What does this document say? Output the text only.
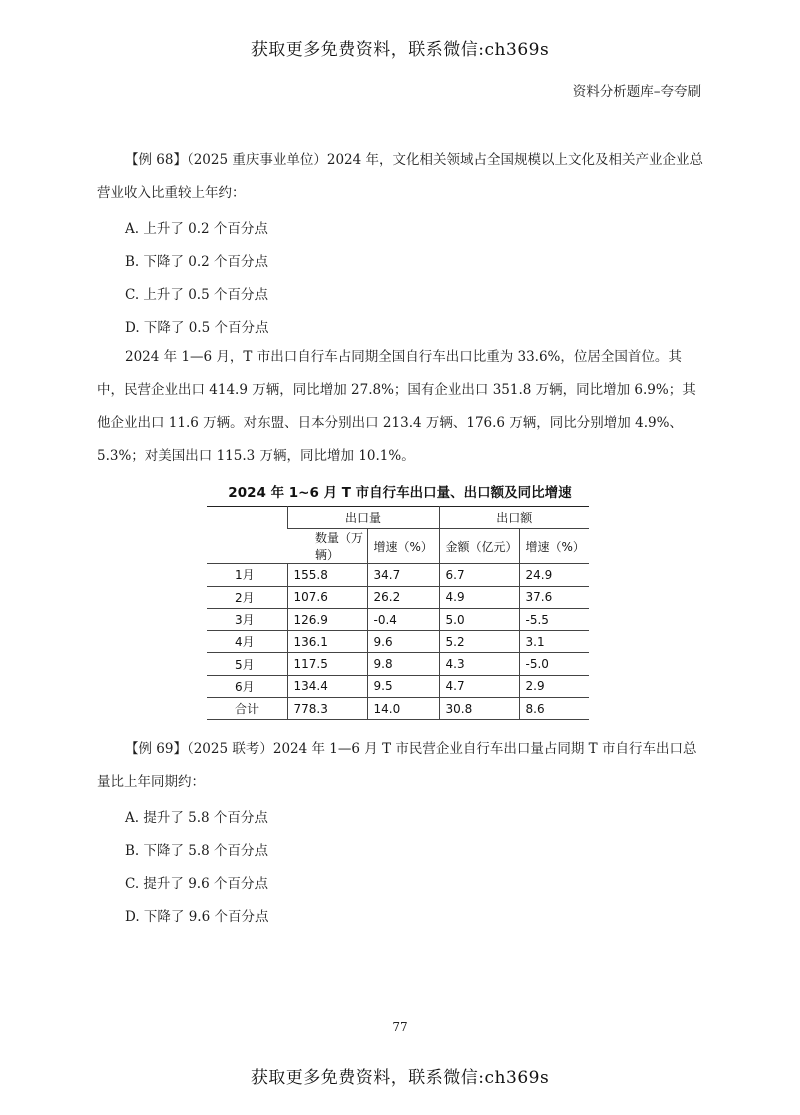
获取更多免费资料，联系微信:ch369s
资料分析题库–夸夸刷

【例 68】（2025 重庆事业单位）2024 年，文化相关领域占全国规模以上文化及相关产业企业总营业收入比重较上年约：

A. 上升了 0.2 个百分点
B. 下降了 0.2 个百分点
C. 上升了 0.5 个百分点
D. 下降了 0.5 个百分点

2024 年 1—6 月，T 市出口自行车占同期全国自行车出口比重为 33.6%，位居全国首位。其中，民营企业出口 414.9 万辆，同比增加 27.8%；国有企业出口 351.8 万辆，同比增加 6.9%；其他企业出口 11.6 万辆。对东盟、日本分别出口 213.4 万辆、176.6 万辆，同比分别增加 4.9%、5.3%；对美国出口 115.3 万辆，同比增加 10.1%。

2024 年 1~6 月 T 市自行车出口量、出口额及同比增速
	出口量		出口额	
	数量（万辆）	增速（%）	金额（亿元）	增速（%）
1月	155.8	34.7	6.7	24.9
2月	107.6	26.2	4.9	37.6
3月	126.9	-0.4	5.0	-5.5
4月	136.1	9.6	5.2	3.1
5月	117.5	9.8	4.3	-5.0
6月	134.4	9.5	4.7	2.9
合计	778.3	14.0	30.8	8.6

【例 69】（2025 联考）2024 年 1—6 月 T 市民营企业自行车出口量占同期 T 市自行车出口总量比上年同期约：

A. 提升了 5.8 个百分点
B. 下降了 5.8 个百分点
C. 提升了 9.6 个百分点
D. 下降了 9.6 个百分点
77
获取更多免费资料，联系微信:ch369s
